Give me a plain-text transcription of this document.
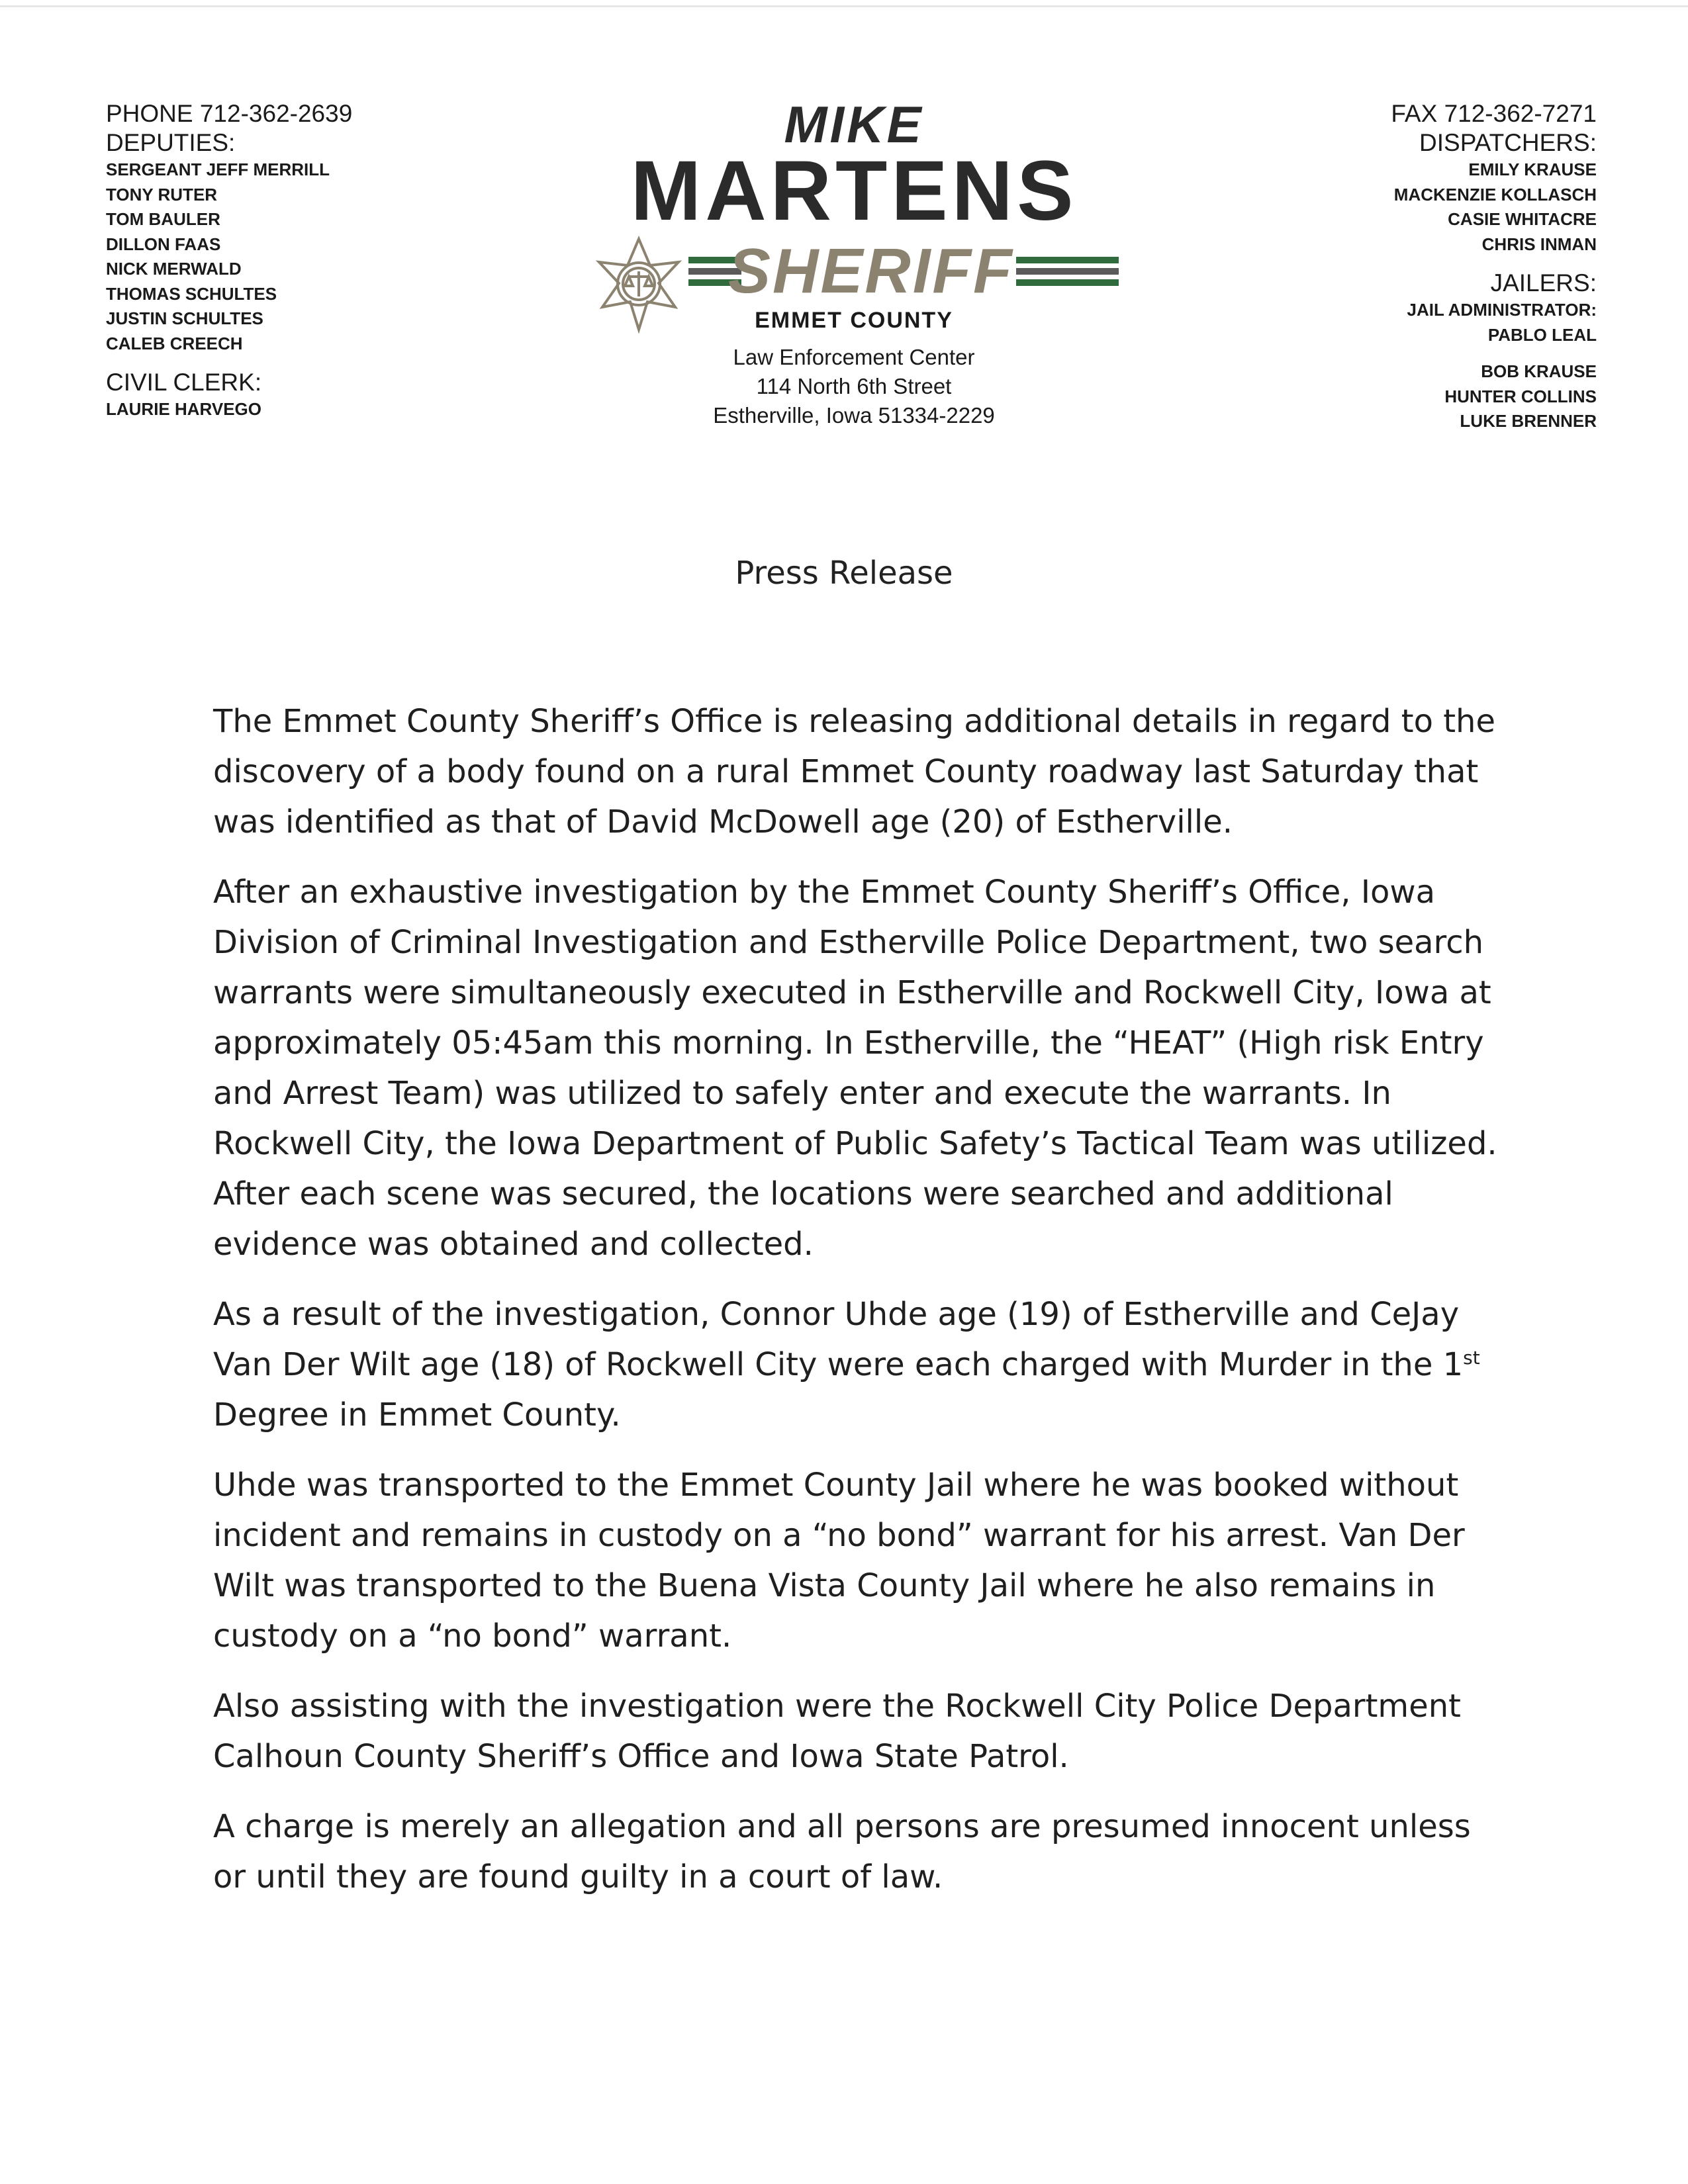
PHONE 712-362-2639
DEPUTIES:
SERGEANT JEFF MERRILL
TONY RUTER
TOM BAULER
DILLON FAAS
NICK MERWALD
THOMAS SCHULTES
JUSTIN SCHULTES
CALEB CREECH
CIVIL CLERK:
LAURIE HARVEGO
MIKE
MARTENS
SHERIFF
EMMET COUNTY
Law Enforcement Center
114 North 6th Street
Estherville, Iowa 51334-2229
FAX 712-362-7271
DISPATCHERS:
EMILY KRAUSE
MACKENZIE KOLLASCH
CASIE WHITACRE
CHRIS INMAN
JAILERS:
JAIL ADMINISTRATOR:
PABLO LEAL
BOB KRAUSE
HUNTER COLLINS
LUKE BRENNER
Press Release

The Emmet County Sheriff’s Office is releasing additional details in regard to the discovery of a body found on a rural Emmet County roadway last Saturday that was identified as that of David McDowell age (20) of Estherville.

After an exhaustive investigation by the Emmet County Sheriff’s Office, Iowa Division of Criminal Investigation and Estherville Police Department, two search warrants were simultaneously executed in Estherville and Rockwell City, Iowa at approximately 05:45am this morning. In Estherville, the “HEAT” (High risk Entry and Arrest Team) was utilized to safely enter and execute the warrants. In Rockwell City, the Iowa Department of Public Safety’s Tactical Team was utilized. After each scene was secured, the locations were searched and additional evidence was obtained and collected.

As a result of the investigation, Connor Uhde age (19) of Estherville and CeJay Van Der Wilt age (18) of Rockwell City were each charged with Murder in the 1st Degree in Emmet County.

Uhde was transported to the Emmet County Jail where he was booked without incident and remains in custody on a “no bond” warrant for his arrest. Van Der Wilt was transported to the Buena Vista County Jail where he also remains in custody on a “no bond” warrant.

Also assisting with the investigation were the Rockwell City Police Department Calhoun County Sheriff’s Office and Iowa State Patrol.

A charge is merely an allegation and all persons are presumed innocent unless or until they are found guilty in a court of law.
